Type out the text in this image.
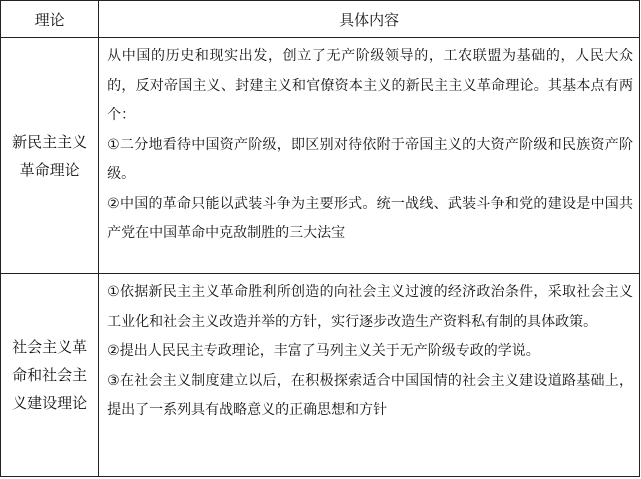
理论	具体内容
新民主主义革命理论	从中国的历史和现实出发，创立了无产阶级领导的，工农联盟为基础的，人民大众的，反对帝国主义、封建主义和官僚资本主义的新民主主义革命理论。其基本点有两个：
①二分地看待中国资产阶级，即区别对待依附于帝国主义的大资产阶级和民族资产阶级。
②中国的革命只能以武装斗争为主要形式。统一战线、武装斗争和党的建设是中国共产党在中国革命中克敌制胜的三大法宝

社会主义革命和社会主义建设理论	①依据新民主主义革命胜利所创造的向社会主义过渡的经济政治条件，采取社会主义工业化和社会主义改造并举的方针，实行逐步改造生产资料私有制的具体政策。
②提出人民民主专政理论，丰富了马列主义关于无产阶级专政的学说。
③在社会主义制度建立以后，在积极探索适合中国国情的社会主义建设道路基础上，提出了一系列具有战略意义的正确思想和方针
